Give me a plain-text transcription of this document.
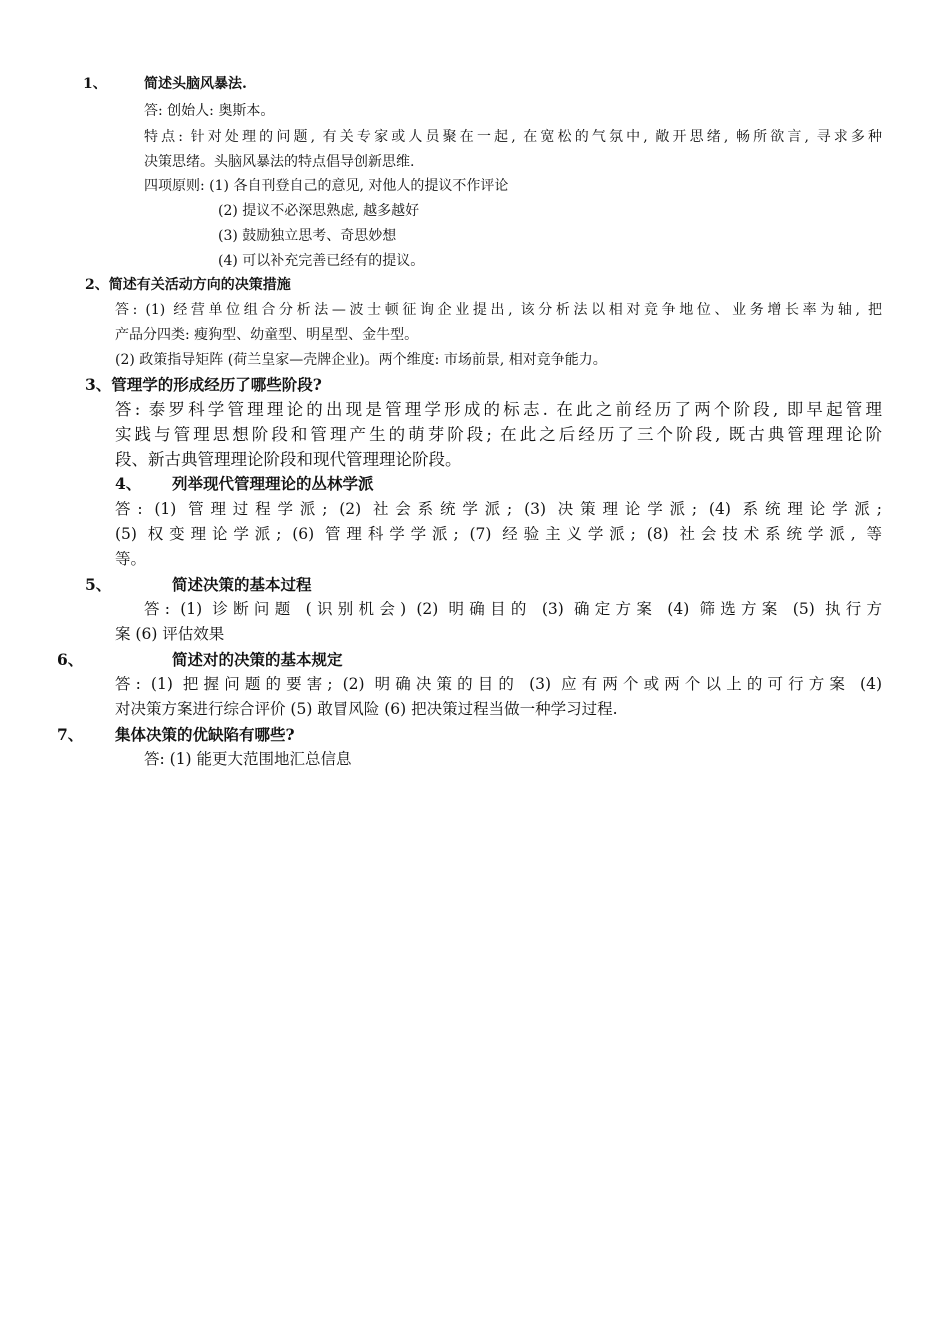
1、	简述头脑风暴法.
答: 创始人: 奥斯本。
特点: 针对处理的问题, 有关专家或人员聚在一起, 在宽松的气氛中, 敞开思绪, 畅所欲言, 寻求多种
决策思绪。头脑风暴法的特点倡导创新思维.
四项原则: (1) 各自刊登自己的意见, 对他人的提议不作评论
(2) 提议不必深思熟虑, 越多越好
(3) 鼓励独立思考、奇思妙想
(4) 可以补充完善已经有的提议。
2、简述有关活动方向的决策措施
答: (1) 经营单位组合分析法—波士顿征询企业提出, 该分析法以相对竞争地位、业务增长率为轴, 把
产品分四类: 瘦狗型、幼童型、明星型、金牛型。
(2) 政策指导矩阵 (荷兰皇家—壳牌企业)。两个维度: 市场前景, 相对竞争能力。
3、管理学的形成经历了哪些阶段?
答: 泰罗科学管理理论的出现是管理学形成的标志. 在此之前经历了两个阶段, 即早起管理
实践与管理思想阶段和管理产生的萌芽阶段; 在此之后经历了三个阶段, 既古典管理理论阶
段、新古典管理理论阶段和现代管理理论阶段。
4、 列举现代管理理论的丛林学派
答: (1) 管理过程学派; (2) 社会系统学派; (3) 决策理论学派; (4) 系统理论学派;
(5) 权变理论学派; (6) 管理科学学派; (7) 经验主义学派; (8) 社会技术系统学派, 等
等。
5、	简述决策的基本过程
答: (1) 诊断问题 (识别机会) (2) 明确目的 (3) 确定方案 (4) 筛选方案 (5) 执行方
案 (6) 评估效果
6、	简述对的决策的基本规定
答: (1) 把握问题的要害; (2) 明确决策的目的 (3) 应有两个或两个以上的可行方案 (4)
对决策方案进行综合评价 (5) 敢冒风险 (6) 把决策过程当做一种学习过程.
7、 集体决策的优缺陷有哪些?
答: (1) 能更大范围地汇总信息
